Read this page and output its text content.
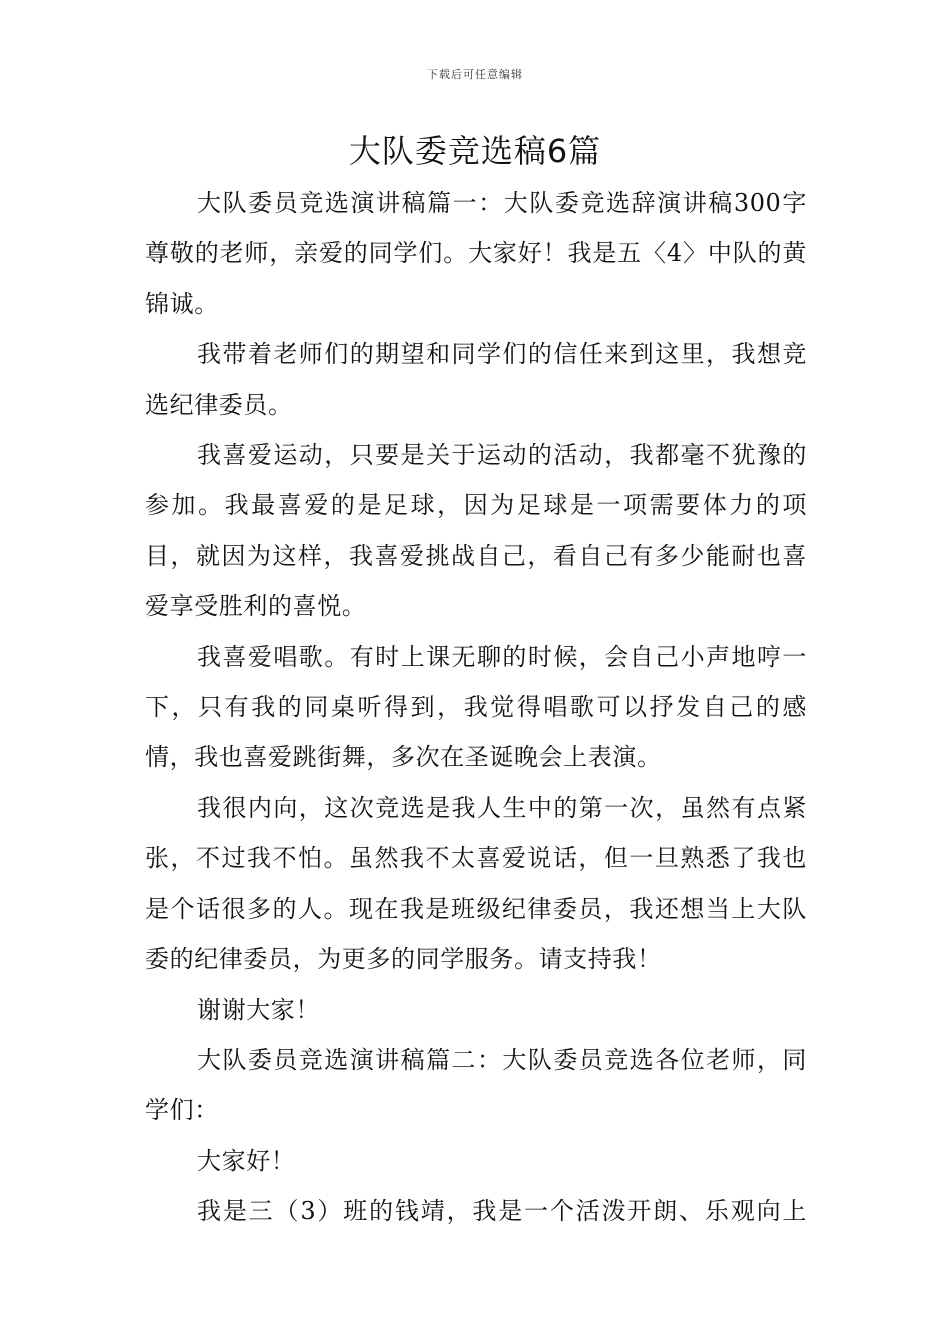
下载后可任意编辑
大队委竞选稿6篇

大队委员竞选演讲稿篇一：大队委竞选辞演讲稿300字尊敬的老师，亲爱的同学们。大家好！我是五〈4〉中队的黄锦诚。

我带着老师们的期望和同学们的信任来到这里，我想竞选纪律委员。

我喜爱运动，只要是关于运动的活动，我都毫不犹豫的参加。我最喜爱的是足球，因为足球是一项需要体力的项目，就因为这样，我喜爱挑战自己，看自己有多少能耐也喜爱享受胜利的喜悦。

我喜爱唱歌。有时上课无聊的时候，会自己小声地哼一下，只有我的同桌听得到，我觉得唱歌可以抒发自己的感情，我也喜爱跳街舞，多次在圣诞晚会上表演。

我很内向，这次竞选是我人生中的第一次，虽然有点紧张，不过我不怕。虽然我不太喜爱说话，但一旦熟悉了我也是个话很多的人。现在我是班级纪律委员，我还想当上大队委的纪律委员，为更多的同学服务。请支持我！

谢谢大家！

大队委员竞选演讲稿篇二：大队委员竞选各位老师，同学们：

大家好！

我是三（3）班的钱靖，我是一个活泼开朗、乐观向上
